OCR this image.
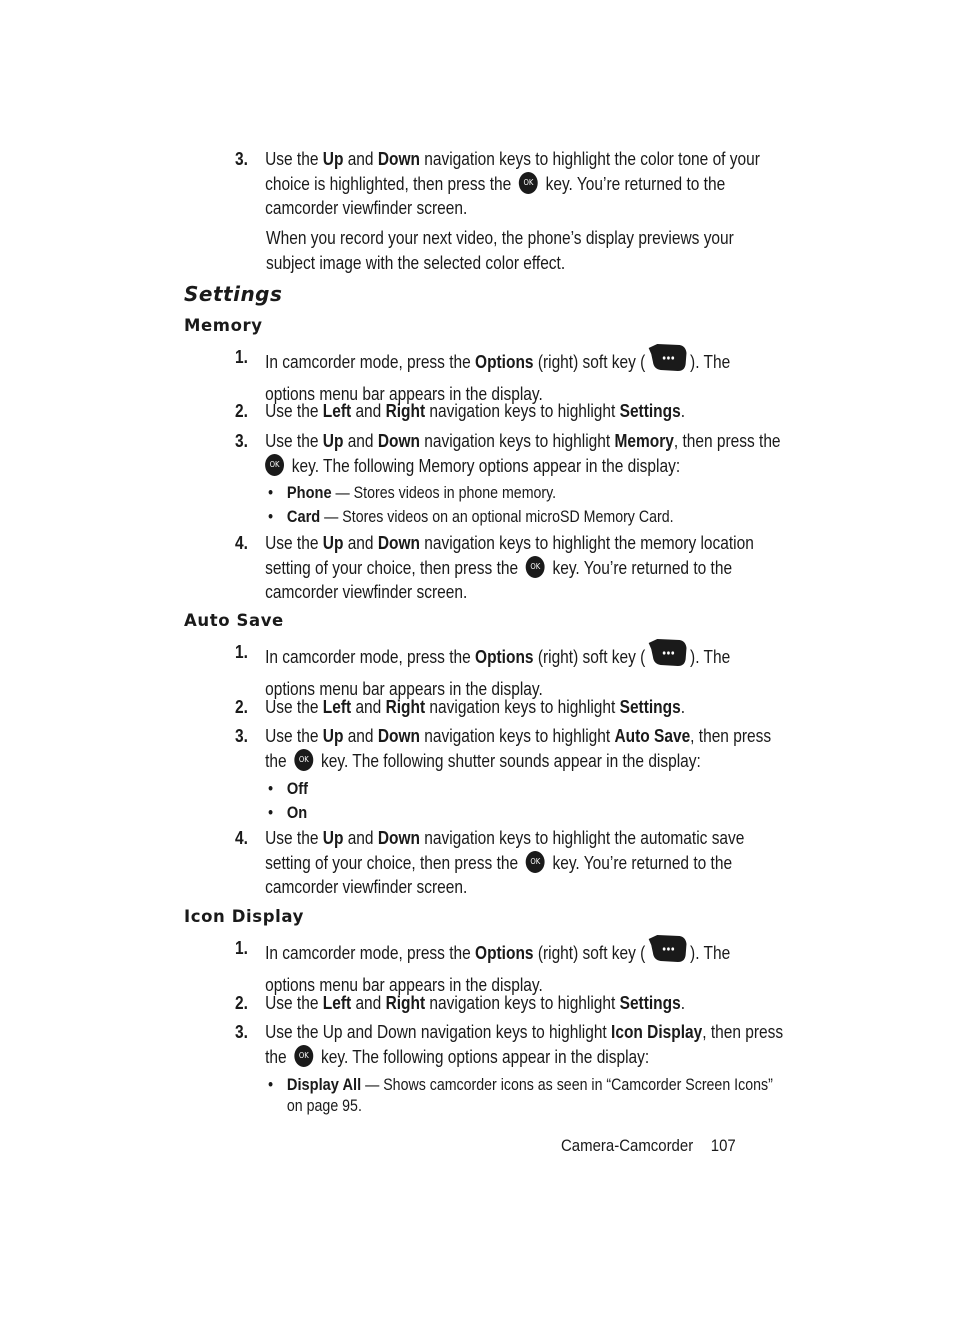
3. Use the Up and Down navigation keys to highlight the color tone of your
choice is highlighted, then press the OK key. You’re returned to the
camcorder viewfinder screen.
When you record your next video, the phone’s display previews your
subject image with the selected color effect.
Settings
Memory
1. In camcorder mode, press the Options (right) soft key ( ). The
options menu bar appears in the display.
2. Use the Left and Right navigation keys to highlight Settings.
3. Use the Up and Down navigation keys to highlight Memory, then press the
OK key. The following Memory options appear in the display:
• Phone — Stores videos in phone memory.
• Card — Stores videos on an optional microSD Memory Card.
4. Use the Up and Down navigation keys to highlight the memory location
setting of your choice, then press the OK key. You’re returned to the
camcorder viewfinder screen.
Auto Save
1. In camcorder mode, press the Options (right) soft key ( ). The
options menu bar appears in the display.
2. Use the Left and Right navigation keys to highlight Settings.
3. Use the Up and Down navigation keys to highlight Auto Save, then press
the OK key. The following shutter sounds appear in the display:
• Off
• On
4. Use the Up and Down navigation keys to highlight the automatic save
setting of your choice, then press the OK key. You’re returned to the
camcorder viewfinder screen.
Icon Display
1. In camcorder mode, press the Options (right) soft key ( ). The
options menu bar appears in the display.
2. Use the Left and Right navigation keys to highlight Settings.
3. Use the Up and Down navigation keys to highlight Icon Display, then press
the OK key. The following options appear in the display:
• Display All — Shows camcorder icons as seen in “Camcorder Screen Icons”
on page 95.
Camera-Camcorder 107
